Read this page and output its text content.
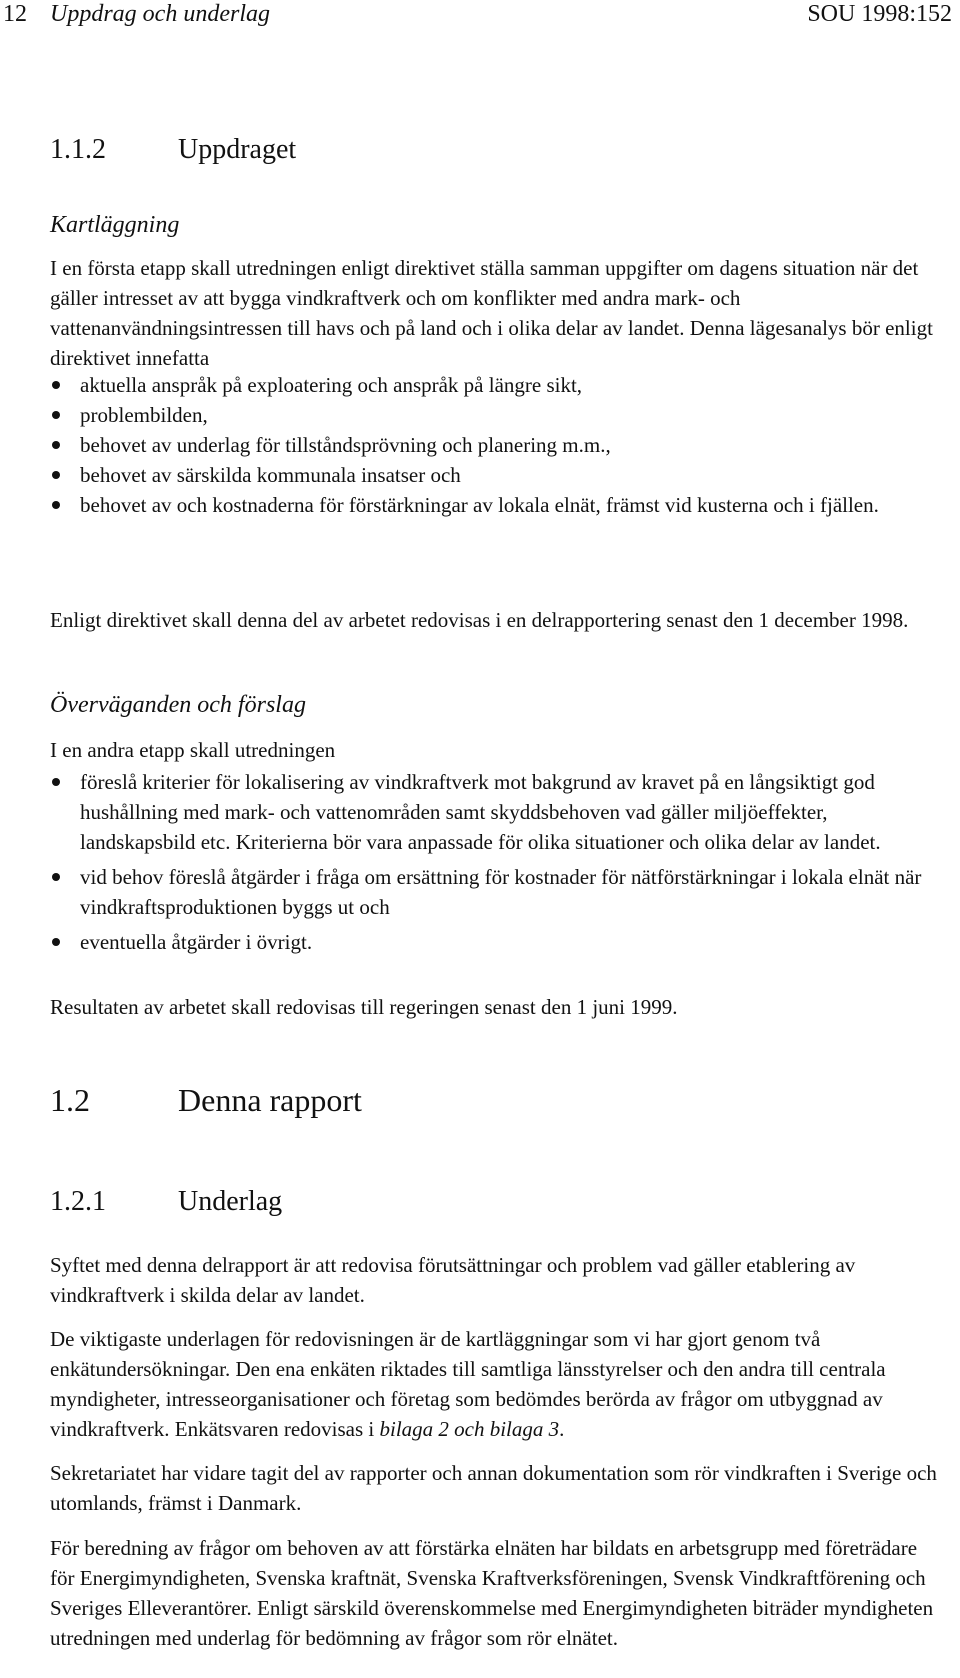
12 Uppdrag och underlag	SOU 1998:152
1.1.2	Uppdraget
Kartläggning

I en första etapp skall utredningen enligt direktivet ställa samman uppgifter om dagens situation när det gäller intresset av att bygga vindkraftverk och om konflikter med andra mark- och vattenanvändningsintressen till havs och på land och i olika delar av landet. Denna lägesanalys bör enligt direktivet innefatta

aktuella anspråk på exploatering och anspråk på längre sikt,
problembilden,
behovet av underlag för tillståndsprövning och planering m.m.,
behovet av särskilda kommunala insatser och
behovet av och kostnaderna för förstärkningar av lokala elnät, främst vid kusterna och i fjällen.

Enligt direktivet skall denna del av arbetet redovisas i en delrapportering senast den 1 december 1998.

Överväganden och förslag

I en andra etapp skall utredningen

föreslå kriterier för lokalisering av vindkraftverk mot bakgrund av kravet på en långsiktigt god hushållning med mark- och vattenområden samt skyddsbehoven vad gäller miljöeffekter, landskapsbild etc. Kriterierna bör vara anpassade för olika situationer och olika delar av landet.
vid behov föreslå åtgärder i fråga om ersättning för kostnader för nätförstärkningar i lokala elnät när vindkraftsproduktionen byggs ut och
eventuella åtgärder i övrigt.

Resultaten av arbetet skall redovisas till regeringen senast den 1 juni 1999.

1.2	Denna rapport
1.2.1	Underlag

Syftet med denna delrapport är att redovisa förutsättningar och problem vad gäller etablering av vindkraftverk i skilda delar av landet.

De viktigaste underlagen för redovisningen är de kartläggningar som vi har gjort genom två enkätundersökningar. Den ena enkäten riktades till samtliga länsstyrelser och den andra till centrala myndigheter, intresseorganisationer och företag som bedömdes berörda av frågor om utbyggnad av vindkraftverk. Enkätsvaren redovisas i bilaga 2 och bilaga 3.

Sekretariatet har vidare tagit del av rapporter och annan dokumentation som rör vindkraften i Sverige och utomlands, främst i Danmark.

För beredning av frågor om behoven av att förstärka elnäten har bildats en arbetsgrupp med företrädare för Energimyndigheten, Svenska kraftnät, Svenska Kraftverksföreningen, Svensk Vindkraftförening och Sveriges Elleverantörer. Enligt särskild överenskommelse med Energimyndigheten biträder myndigheten utredningen med underlag för bedömning av frågor som rör elnätet.
